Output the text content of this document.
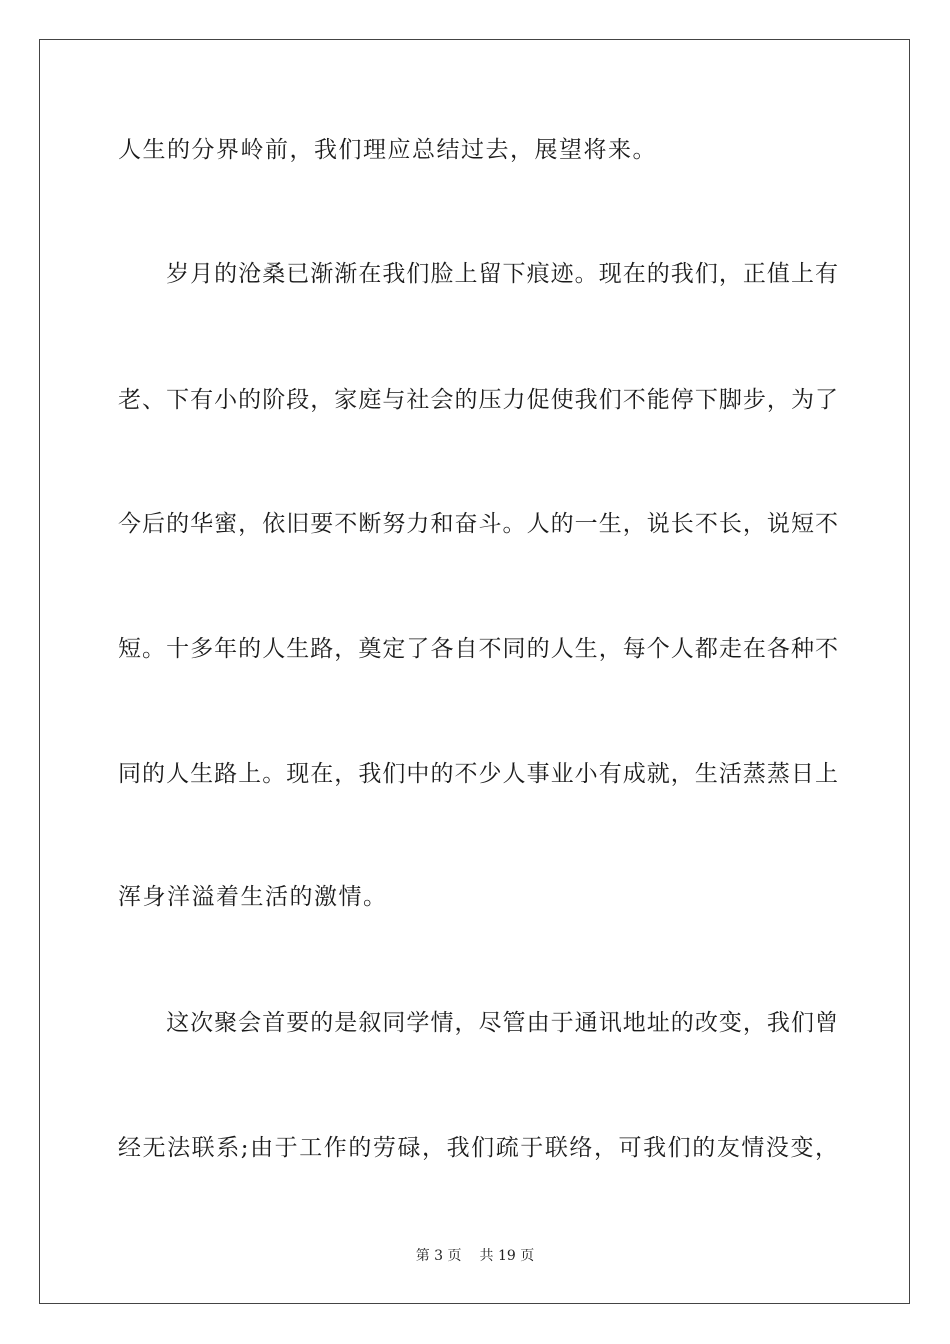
人生的分界岭前，我们理应总结过去，展望将来。
　　岁月的沧桑已渐渐在我们脸上留下痕迹。现在的我们，正值上有
老、下有小的阶段，家庭与社会的压力促使我们不能停下脚步，为了
今后的华蜜，依旧要不断努力和奋斗。人的一生，说长不长，说短不
短。十多年的人生路，奠定了各自不同的人生，每个人都走在各种不
同的人生路上。现在，我们中的不少人事业小有成就，生活蒸蒸日上
浑身洋溢着生活的激情。
　　这次聚会首要的是叙同学情，尽管由于通讯地址的改变，我们曾
经无法联系;由于工作的劳碌，我们疏于联络，可我们的友情没变，
第 3 页 共 19 页
